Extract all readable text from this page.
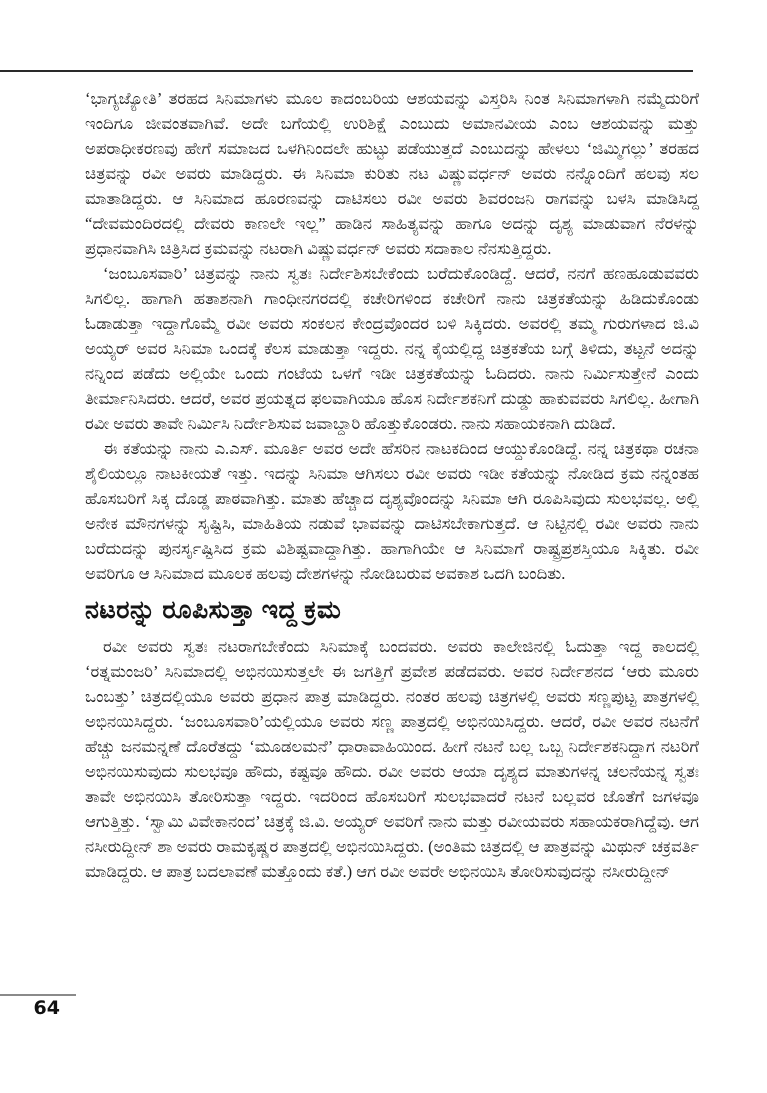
‘ಭಾಗ್ಯಜ್ಯೋತಿ’ ತರಹದ ಸಿನಿಮಾಗಳು ಮೂಲ ಕಾದಂಬರಿಯ ಆಶಯವನ್ನು ವಿಸ್ತರಿಸಿ ನಿಂತ ಸಿನಿಮಾಗಳಾಗಿ ನಮ್ಮೆದುರಿಗೆ ಇಂದಿಗೂ ಜೀವಂತವಾಗಿವೆ. ಅದೇ ಬಗೆಯಲ್ಲಿ ಉರಿಶಿಕ್ಷೆ ಎಂಬುದು ಅಮಾನವೀಯ ಎಂಬ ಆಶಯವನ್ನು ಮತ್ತು ಅಪರಾಧೀಕರಣವು ಹೇಗೆ ಸಮಾಜದ ಒಳಗಿನಿಂದಲೇ ಹುಟ್ಟು ಪಡೆಯುತ್ತದೆ ಎಂಬುದನ್ನು ಹೇಳಲು ‘ಜಿಮ್ಮಿಗಲ್ಲು’ ತರಹದ ಚಿತ್ರವನ್ನು ರವೀ ಅವರು ಮಾಡಿದ್ದರು. ಈ ಸಿನಿಮಾ ಕುರಿತು ನಟ ವಿಷ್ಣುವರ್ಧನ್ ಅವರು ನನ್ನೊಂದಿಗೆ ಹಲವು ಸಲ ಮಾತಾಡಿದ್ದರು. ಆ ಸಿನಿಮಾದ ಹೂರಣವನ್ನು ದಾಟಿಸಲು ರವೀ ಅವರು ಶಿವರಂಜನಿ ರಾಗವನ್ನು ಬಳಸಿ ಮಾಡಿಸಿದ್ದ “ದೇವಮಂದಿರದಲ್ಲಿ ದೇವರು ಕಾಣಲೇ ಇಲ್ಲ” ಹಾಡಿನ ಸಾಹಿತ್ಯವನ್ನು ಹಾಗೂ ಅದನ್ನು ದೃಶ್ಯ ಮಾಡುವಾಗ ನೆರಳನ್ನು ಪ್ರಧಾನವಾಗಿಸಿ ಚಿತ್ರಿಸಿದ ಕ್ರಮವನ್ನು ನಟರಾಗಿ ವಿಷ್ಣುವರ್ಧನ್ ಅವರು ಸದಾಕಾಲ ನೆನಸುತ್ತಿದ್ದರು.

‘ಜಂಬೂಸವಾರಿ’ ಚಿತ್ರವನ್ನು ನಾನು ಸ್ವತಃ ನಿರ್ದೇಶಿಸಬೇಕೆಂದು ಬರೆದುಕೊಂಡಿದ್ದೆ. ಆದರೆ, ನನಗೆ ಹಣಹೂಡುವವರು ಸಿಗಲಿಲ್ಲ. ಹಾಗಾಗಿ ಹತಾಶನಾಗಿ ಗಾಂಧೀನಗರದಲ್ಲಿ ಕಚೇರಿಗಳಿಂದ ಕಚೇರಿಗೆ ನಾನು ಚಿತ್ರಕತೆಯನ್ನು ಹಿಡಿದುಕೊಂಡು ಓಡಾಡುತ್ತಾ ಇದ್ದಾಗೊಮ್ಮೆ ರವೀ ಅವರು ಸಂಕಲನ ಕೇಂದ್ರವೊಂದರ ಬಳಿ ಸಿಕ್ಕಿದರು. ಅವರಲ್ಲಿ ತಮ್ಮ ಗುರುಗಳಾದ ಜಿ.ವಿ ಅಯ್ಯರ್ ಅವರ ಸಿನಿಮಾ ಒಂದಕ್ಕೆ ಕೆಲಸ ಮಾಡುತ್ತಾ ಇದ್ದರು. ನನ್ನ ಕೈಯಲ್ಲಿದ್ದ ಚಿತ್ರಕತೆಯ ಬಗ್ಗೆ ತಿಳಿದು, ತಟ್ಟನೆ ಅದನ್ನು ನನ್ನಿಂದ ಪಡೆದು ಅಲ್ಲಿಯೇ ಒಂದು ಗಂಟೆಯ ಒಳಗೆ ಇಡೀ ಚಿತ್ರಕತೆಯನ್ನು ಓದಿದರು. ನಾನು ನಿರ್ಮಿಸುತ್ತೇನೆ ಎಂದು ತೀರ್ಮಾನಿಸಿದರು. ಆದರೆ, ಅವರ ಪ್ರಯತ್ನದ ಫಲವಾಗಿಯೂ ಹೊಸ ನಿರ್ದೇಶಕನಿಗೆ ದುಡ್ಡು ಹಾಕುವವರು ಸಿಗಲಿಲ್ಲ. ಹೀಗಾಗಿ ರವೀ ಅವರು ತಾವೇ ನಿರ್ಮಿಸಿ ನಿರ್ದೇಶಿಸುವ ಜವಾಬ್ದಾರಿ ಹೊತ್ತುಕೊಂಡರು. ನಾನು ಸಹಾಯಕನಾಗಿ ದುಡಿದೆ.

ಈ ಕತೆಯನ್ನು ನಾನು ಎ.ಎಸ್. ಮೂರ್ತಿ ಅವರ ಅದೇ ಹೆಸರಿನ ನಾಟಕದಿಂದ ಆಯ್ದುಕೊಂಡಿದ್ದೆ. ನನ್ನ ಚಿತ್ರಕಥಾ ರಚನಾ ಶೈಲಿಯಲ್ಲೂ ನಾಟಕೀಯತೆ ಇತ್ತು. ಇದನ್ನು ಸಿನಿಮಾ ಆಗಿಸಲು ರವೀ ಅವರು ಇಡೀ ಕತೆಯನ್ನು ನೋಡಿದ ಕ್ರಮ ನನ್ನಂತಹ ಹೊಸಬರಿಗೆ ಸಿಕ್ಕ ದೊಡ್ಡ ಪಾಠವಾಗಿತ್ತು. ಮಾತು ಹೆಚ್ಚಾದ ದೃಶ್ಯವೊಂದನ್ನು ಸಿನಿಮಾ ಆಗಿ ರೂಪಿಸಿವುದು ಸುಲಭವಲ್ಲ. ಅಲ್ಲಿ ಅನೇಕ ಮೌನಗಳನ್ನು ಸೃಷ್ಟಿಸಿ, ಮಾಹಿತಿಯ ನಡುವೆ ಭಾವವನ್ನು ದಾಟಿಸಬೇಕಾಗುತ್ತದೆ. ಆ ನಿಟ್ಟಿನಲ್ಲಿ ರವೀ ಅವರು ನಾನು ಬರೆದುದನ್ನು ಪುನರ್ಸೃಷ್ಟಿಸಿದ ಕ್ರಮ ವಿಶಿಷ್ಟವಾದ್ದಾಗಿತ್ತು. ಹಾಗಾಗಿಯೇ ಆ ಸಿನಿಮಾಗೆ ರಾಷ್ಟ್ರಪ್ರಶಸ್ತಿಯೂ ಸಿಕ್ಕಿತು. ರವೀ ಅವರಿಗೂ ಆ ಸಿನಿಮಾದ ಮೂಲಕ ಹಲವು ದೇಶಗಳನ್ನು ನೋಡಿಬರುವ ಅವಕಾಶ ಒದಗಿ ಬಂದಿತು.

ನಟರನ್ನು ರೂಪಿಸುತ್ತಾ ಇದ್ದ ಕ್ರಮ

ರವೀ ಅವರು ಸ್ವತಃ ನಟರಾಗಬೇಕೆಂದು ಸಿನಿಮಾಕ್ಕೆ ಬಂದವರು. ಅವರು ಕಾಲೇಜಿನಲ್ಲಿ ಓದುತ್ತಾ ಇದ್ದ ಕಾಲದಲ್ಲಿ ‘ರತ್ನಮಂಜರಿ’ ಸಿನಿಮಾದಲ್ಲಿ ಅಭಿನಯಿಸುತ್ತಲೇ ಈ ಜಗತ್ತಿಗೆ ಪ್ರವೇಶ ಪಡೆದವರು. ಅವರ ನಿರ್ದೇಶನದ ‘ಆರು ಮೂರು ಒಂಬತ್ತು’ ಚಿತ್ರದಲ್ಲಿಯೂ ಅವರು ಪ್ರಧಾನ ಪಾತ್ರ ಮಾಡಿದ್ದರು. ನಂತರ ಹಲವು ಚಿತ್ರಗಳಲ್ಲಿ ಅವರು ಸಣ್ಣಪುಟ್ಟ ಪಾತ್ರಗಳಲ್ಲಿ ಅಭಿನಯಿಸಿದ್ದರು. ‘ಜಂಬೂಸವಾರಿ’ಯಲ್ಲಿಯೂ ಅವರು ಸಣ್ಣ ಪಾತ್ರದಲ್ಲಿ ಅಭಿನಯಿಸಿದ್ದರು. ಆದರೆ, ರವೀ ಅವರ ನಟನೆಗೆ ಹೆಚ್ಚು ಜನಮನ್ನಣೆ ದೊರೆತದ್ದು ‘ಮೂಡಲಮನೆ’ ಧಾರಾವಾಹಿಯಿಂದ. ಹೀಗೆ ನಟನೆ ಬಲ್ಲ ಒಬ್ಬ ನಿರ್ದೇಶಕನಿದ್ದಾಗ ನಟರಿಗೆ ಅಭಿನಯಿಸುವುದು ಸುಲಭವೂ ಹೌದು, ಕಷ್ಟವೂ ಹೌದು. ರವೀ ಅವರು ಆಯಾ ದೃಶ್ಯದ ಮಾತುಗಳನ್ನ ಚಲನೆಯನ್ನ ಸ್ವತಃ ತಾವೇ ಅಭಿನಯಿಸಿ ತೋರಿಸುತ್ತಾ ಇದ್ದರು. ಇದರಿಂದ ಹೊಸಬರಿಗೆ ಸುಲಭವಾದರೆ ನಟನೆ ಬಲ್ಲವರ ಜೊತೆಗೆ ಜಗಳವೂ ಆಗುತ್ತಿತ್ತು. ‘ಸ್ವಾಮಿ ವಿವೇಕಾನಂದ’ ಚಿತ್ರಕ್ಕೆ ಜಿ.ವಿ. ಅಯ್ಯರ್ ಅವರಿಗೆ ನಾನು ಮತ್ತು ರವೀಯವರು ಸಹಾಯಕರಾಗಿದ್ದೆವು. ಆಗ ನಸೀರುದ್ದೀನ್ ಶಾ ಅವರು ರಾಮಕೃಷ್ಣರ ಪಾತ್ರದಲ್ಲಿ ಅಭಿನಯಿಸಿದ್ದರು. (ಅಂತಿಮ ಚಿತ್ರದಲ್ಲಿ ಆ ಪಾತ್ರವನ್ನು ಮಿಥುನ್ ಚಕ್ರವರ್ತಿ ಮಾಡಿದ್ದರು. ಆ ಪಾತ್ರ ಬದಲಾವಣೆ ಮತ್ತೊಂದು ಕತೆ.) ಆಗ ರವೀ ಅವರೇ ಅಭಿನಯಿಸಿ ತೋರಿಸುವುದನ್ನು ನಸೀರುದ್ದೀನ್

64
